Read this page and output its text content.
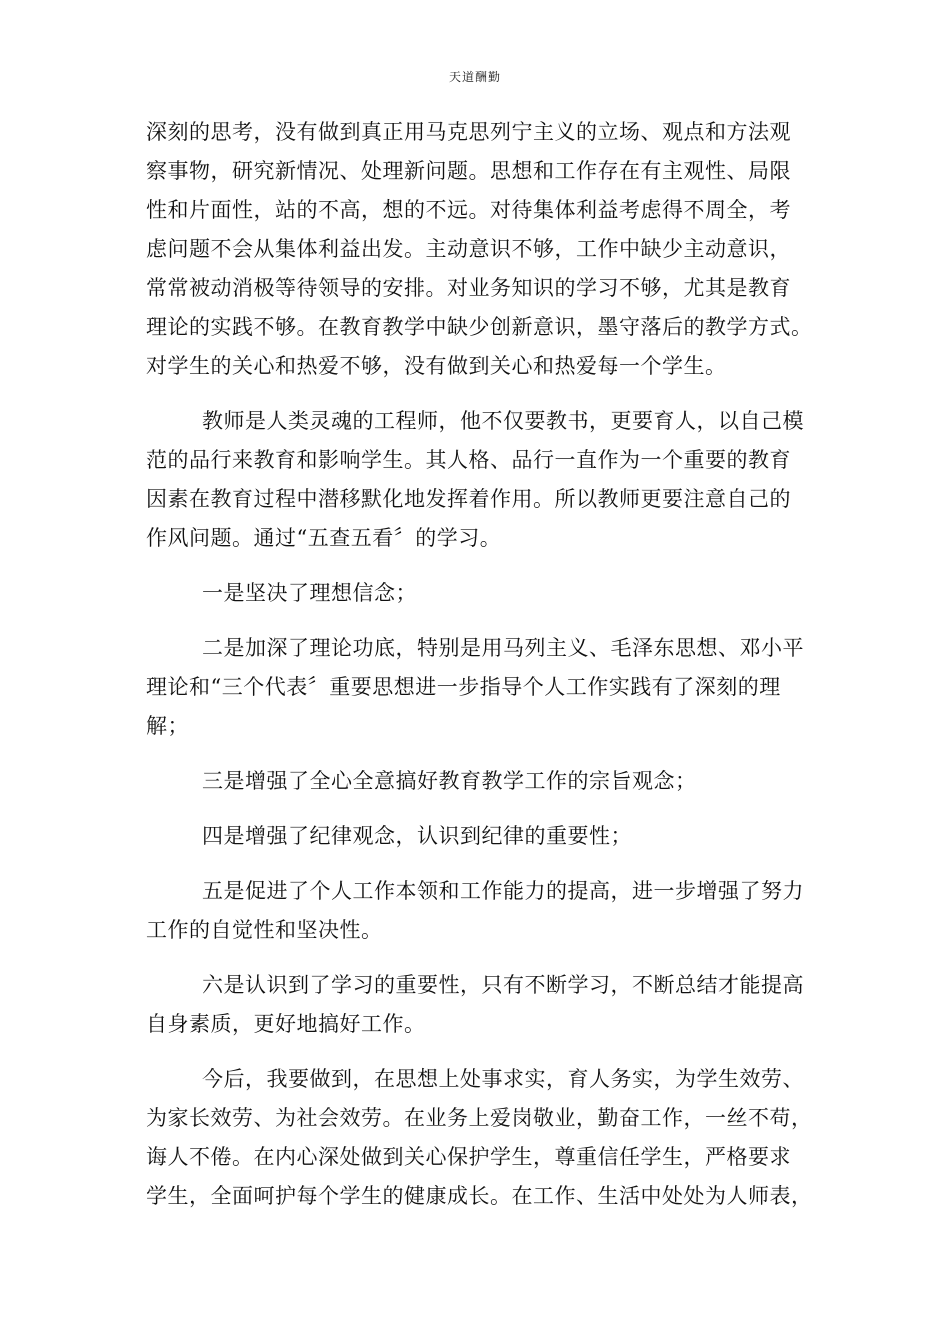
天道酬勤
深刻的思考，没有做到真正用马克思列宁主义的立场、观点和方法观
察事物，研究新情况、处理新问题。思想和工作存在有主观性、局限
性和片面性，站的不高，想的不远。对待集体利益考虑得不周全，考
虑问题不会从集体利益出发。主动意识不够，工作中缺少主动意识，
常常被动消极等待领导的安排。对业务知识的学习不够，尤其是教育
理论的实践不够。在教育教学中缺少创新意识，墨守落后的教学方式。
对学生的关心和热爱不够，没有做到关心和热爱每一个学生。
教师是人类灵魂的工程师，他不仅要教书，更要育人，以自己模
范的品行来教育和影响学生。其人格、品行一直作为一个重要的教育
因素在教育过程中潜移默化地发挥着作用。所以教师更要注意自己的
作风问题。通过“五查五看〞的学习。
一是坚决了理想信念；
二是加深了理论功底，特别是用马列主义、毛泽东思想、邓小平
理论和“三个代表〞重要思想进一步指导个人工作实践有了深刻的理
解；
三是增强了全心全意搞好教育教学工作的宗旨观念；
四是增强了纪律观念，认识到纪律的重要性；
五是促进了个人工作本领和工作能力的提高，进一步增强了努力
工作的自觉性和坚决性。
六是认识到了学习的重要性，只有不断学习，不断总结才能提高
自身素质，更好地搞好工作。
今后，我要做到，在思想上处事求实，育人务实，为学生效劳、
为家长效劳、为社会效劳。在业务上爱岗敬业，勤奋工作，一丝不苟，
诲人不倦。在内心深处做到关心保护学生，尊重信任学生，严格要求
学生，全面呵护每个学生的健康成长。在工作、生活中处处为人师表，
